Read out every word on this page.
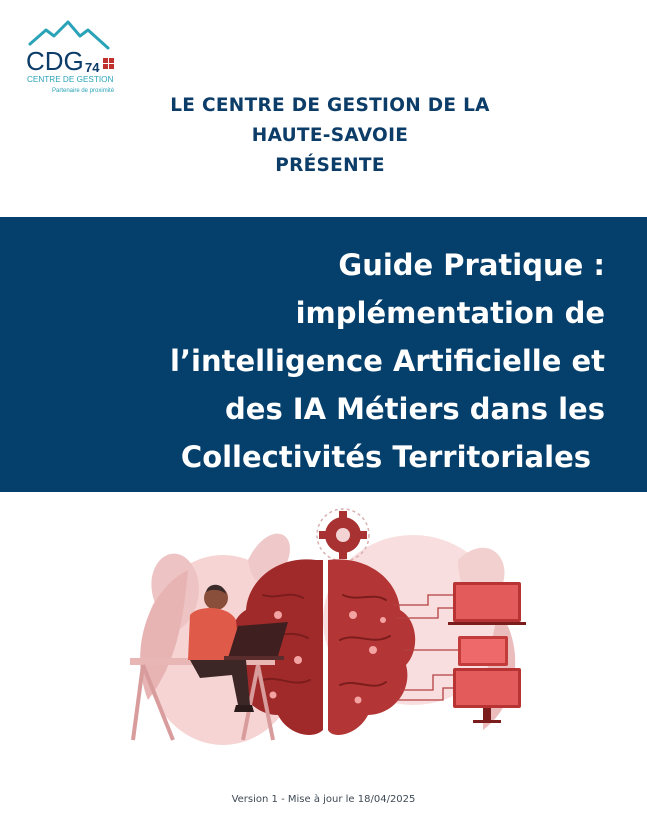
CDG 74
CENTRE DE GESTION
Partenaire de proximité
LE CENTRE DE GESTION DE LA
HAUTE-SAVOIE
PRÉSENTE
Guide Pratique :
implémentation de
l’intelligence Artificielle et
des IA Métiers dans les
Collectivités Territoriales
Version 1 - Mise à jour le 18/04/2025
